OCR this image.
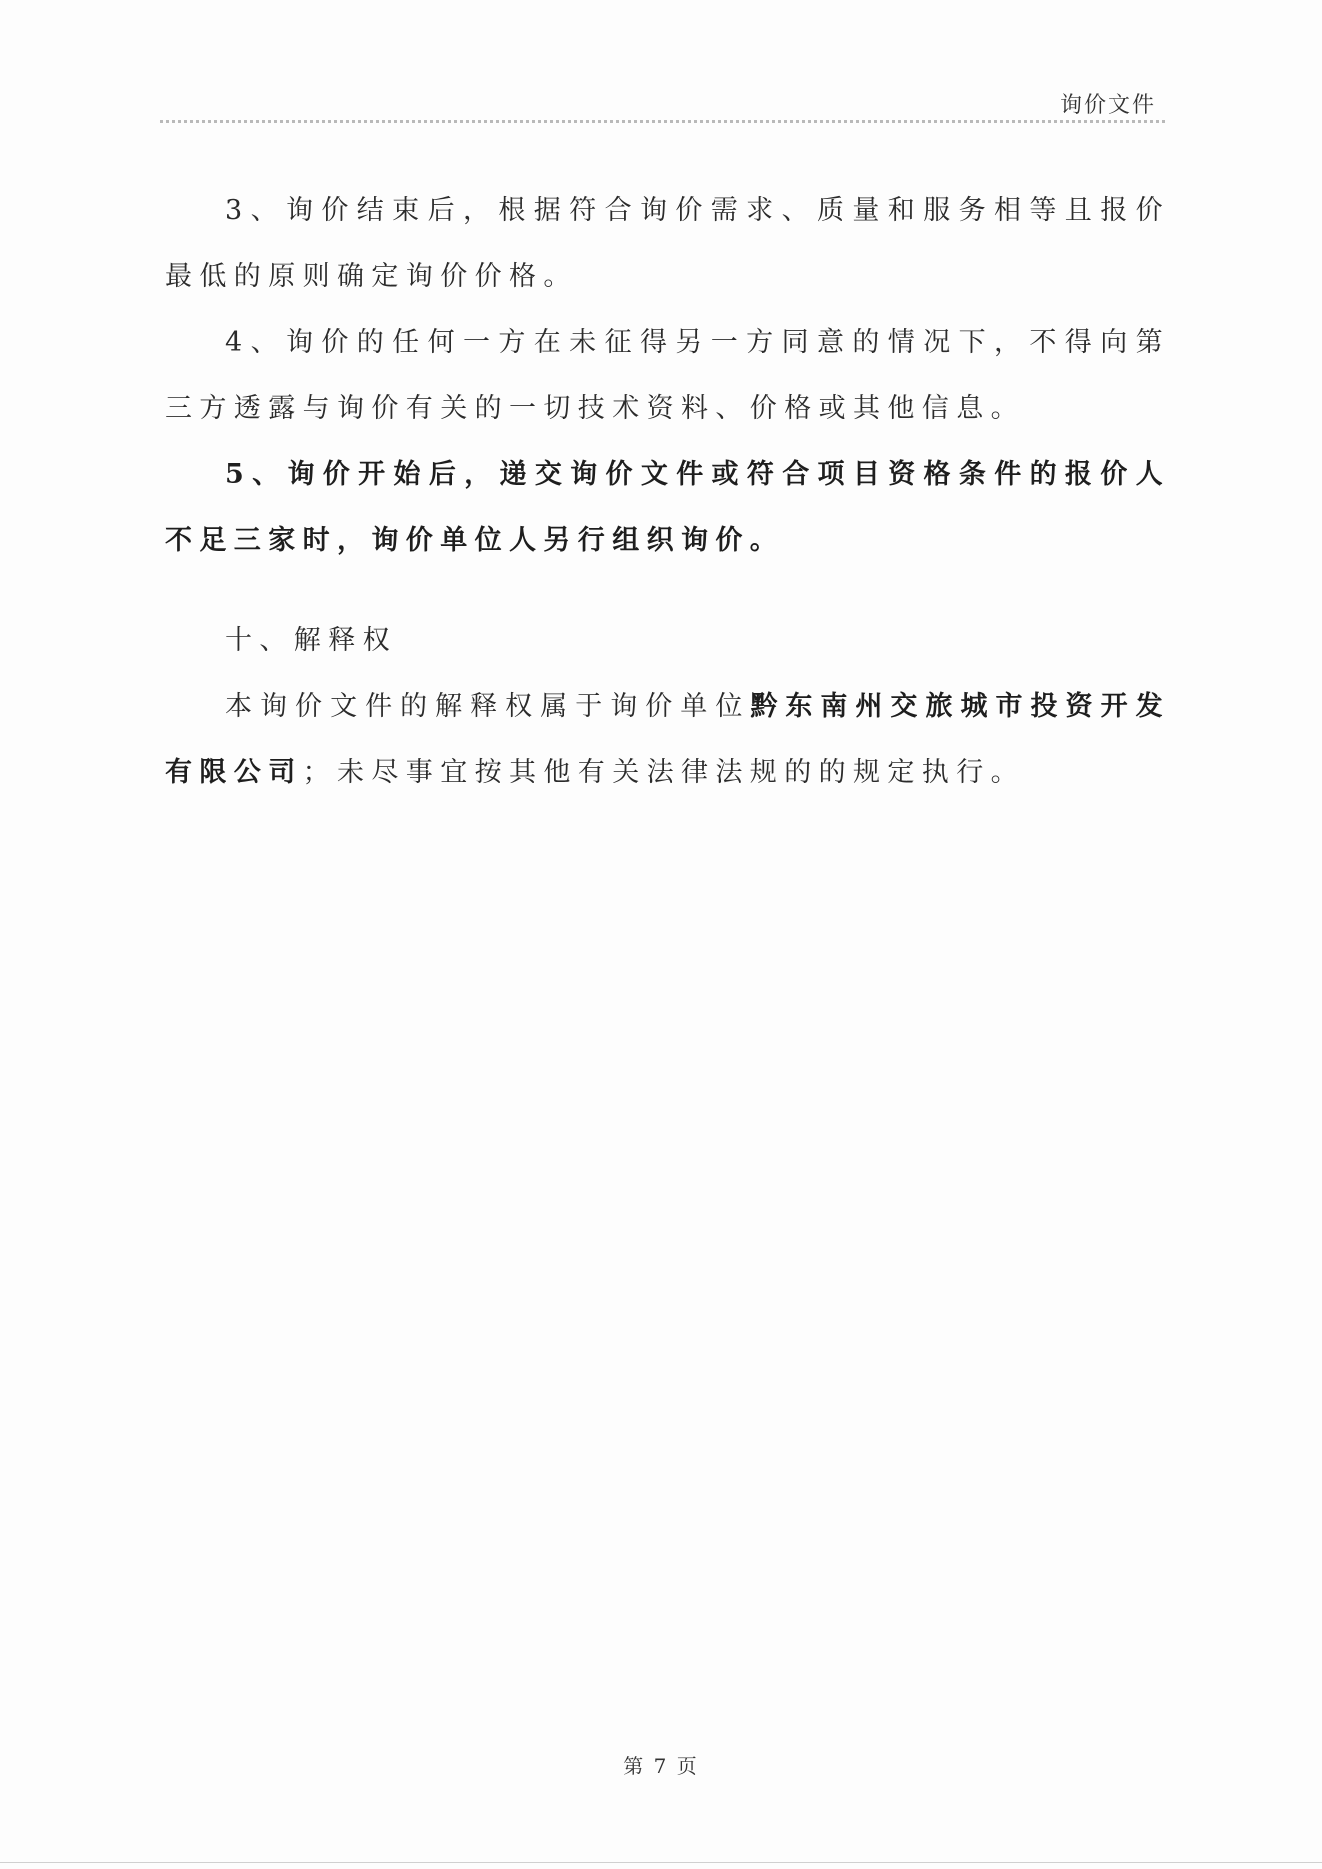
询价文件

3、询价结束后，根据符合询价需求、质量和服务相等且报价最低的原则确定询价价格。

4、询价的任何一方在未征得另一方同意的情况下，不得向第三方透露与询价有关的一切技术资料、价格或其他信息。

5、询价开始后，递交询价文件或符合项目资格条件的报价人不足三家时，询价单位人另行组织询价。

十、解释权

本询价文件的解释权属于询价单位黔东南州交旅城市投资开发有限公司；未尽事宜按其他有关法律法规的的规定执行。

第 7 页
